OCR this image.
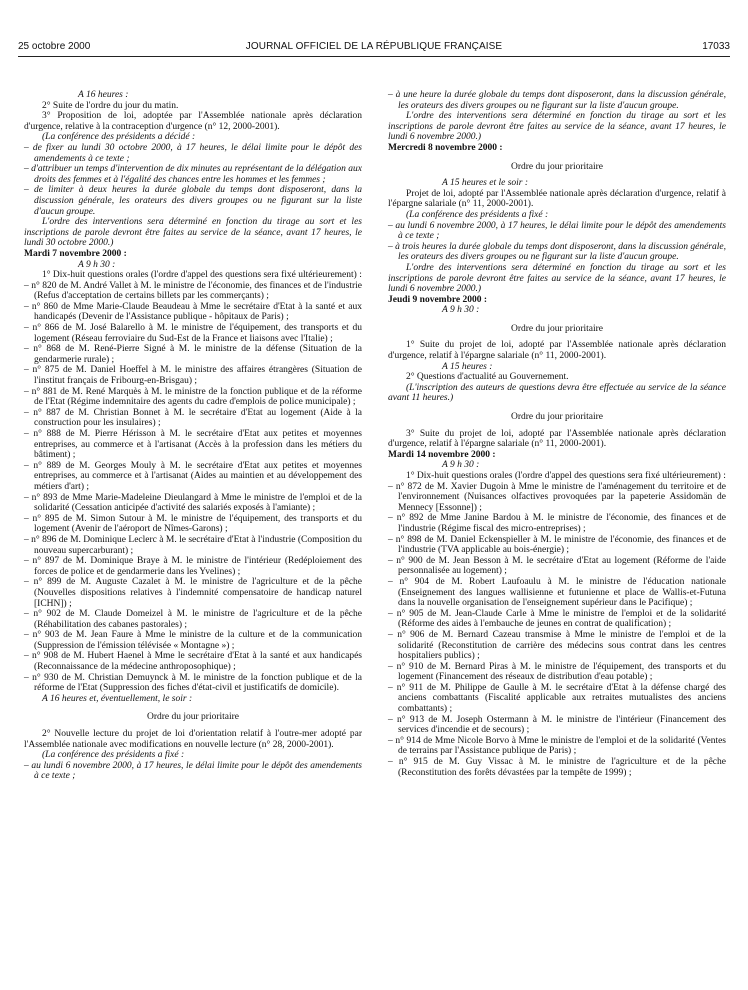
25 octobre 2000	JOURNAL OFFICIEL DE LA RÉPUBLIQUE FRANÇAISE	17033

A 16 heures :

2° Suite de l'ordre du jour du matin.

3° Proposition de loi, adoptée par l'Assemblée nationale après déclaration d'urgence, relative à la contraception d'urgence (n° 12, 2000-2001).

(La conférence des présidents a décidé :

– de fixer au lundi 30 octobre 2000, à 17 heures, le délai limite pour le dépôt des amendements à ce texte ;

– d'attribuer un temps d'intervention de dix minutes au représentant de la délégation aux droits des femmes et à l'égalité des chances entre les hommes et les femmes ;

– de limiter à deux heures la durée globale du temps dont disposeront, dans la discussion générale, les orateurs des divers groupes ou ne figurant sur la liste d'aucun groupe.

L'ordre des interventions sera déterminé en fonction du tirage au sort et les inscriptions de parole devront être faites au service de la séance, avant 17 heures, le lundi 30 octobre 2000.)

Mardi 7 novembre 2000 :

A 9 h 30 :

1° Dix-huit questions orales (l'ordre d'appel des questions sera fixé ultérieurement) :

– n° 820 de M. André Vallet à M. le ministre de l'économie, des finances et de l'industrie (Refus d'acceptation de certains billets par les commerçants) ;

– n° 860 de Mme Marie-Claude Beaudeau à Mme le secrétaire d'Etat à la santé et aux handicapés (Devenir de l'Assistance publique - hôpitaux de Paris) ;

– n° 866 de M. José Balarello à M. le ministre de l'équipement, des transports et du logement (Réseau ferroviaire du Sud-Est de la France et liaisons avec l'Italie) ;

– n° 868 de M. René-Pierre Signé à M. le ministre de la défense (Situation de la gendarmerie rurale) ;

– n° 875 de M. Daniel Hoeffel à M. le ministre des affaires étrangères (Situation de l'institut français de Fribourg-en-Brisgau) ;

– n° 881 de M. René Marquès à M. le ministre de la fonction publique et de la réforme de l'Etat (Régime indemnitaire des agents du cadre d'emplois de police municipale) ;

– n° 887 de M. Christian Bonnet à M. le secrétaire d'Etat au logement (Aide à la construction pour les insulaires) ;

– n° 888 de M. Pierre Hérisson à M. le secrétaire d'Etat aux petites et moyennes entreprises, au commerce et à l'artisanat (Accès à la profession dans les métiers du bâtiment) ;

– n° 889 de M. Georges Mouly à M. le secrétaire d'Etat aux petites et moyennes entreprises, au commerce et à l'artisanat (Aides au maintien et au développement des métiers d'art) ;

– n° 893 de Mme Marie-Madeleine Dieulangard à Mme le ministre de l'emploi et de la solidarité (Cessation anticipée d'activité des salariés exposés à l'amiante) ;

– n° 895 de M. Simon Sutour à M. le ministre de l'équipement, des transports et du logement (Avenir de l'aéroport de Nîmes-Garons) ;

– n° 896 de M. Dominique Leclerc à M. le secrétaire d'Etat à l'industrie (Composition du nouveau supercarburant) ;

– n° 897 de M. Dominique Braye à M. le ministre de l'intérieur (Redéploiement des forces de police et de gendarmerie dans les Yvelines) ;

– n° 899 de M. Auguste Cazalet à M. le ministre de l'agriculture et de la pêche (Nouvelles dispositions relatives à l'indemnité compensatoire de handicap naturel [ICHN]) ;

– n° 902 de M. Claude Domeizel à M. le ministre de l'agriculture et de la pêche (Réhabilitation des cabanes pastorales) ;

– n° 903 de M. Jean Faure à Mme le ministre de la culture et de la communication (Suppression de l'émission télévisée « Montagne ») ;

– n° 908 de M. Hubert Haenel à Mme le secrétaire d'Etat à la santé et aux handicapés (Reconnaissance de la médecine anthroposophique) ;

– n° 930 de M. Christian Demuynck à M. le ministre de la fonction publique et de la réforme de l'Etat (Suppression des fiches d'état-civil et justificatifs de domicile).

A 16 heures et, éventuellement, le soir :

Ordre du jour prioritaire

2° Nouvelle lecture du projet de loi d'orientation relatif à l'outre-mer adopté par l'Assemblée nationale avec modifications en nouvelle lecture (n° 28, 2000-2001).

(La conférence des présidents a fixé :

– au lundi 6 novembre 2000, à 17 heures, le délai limite pour le dépôt des amendements à ce texte ;

– à une heure la durée globale du temps dont disposeront, dans la discussion générale, les orateurs des divers groupes ou ne figurant sur la liste d'aucun groupe.

L'ordre des interventions sera déterminé en fonction du tirage au sort et les inscriptions de parole devront être faites au service de la séance, avant 17 heures, le lundi 6 novembre 2000.)

Mercredi 8 novembre 2000 :

Ordre du jour prioritaire

A 15 heures et le soir :

Projet de loi, adopté par l'Assemblée nationale après déclaration d'urgence, relatif à l'épargne salariale (n° 11, 2000-2001).

(La conférence des présidents a fixé :

– au lundi 6 novembre 2000, à 17 heures, le délai limite pour le dépôt des amendements à ce texte ;

– à trois heures la durée globale du temps dont disposeront, dans la discussion générale, les orateurs des divers groupes ou ne figurant sur la liste d'aucun groupe.

L'ordre des interventions sera déterminé en fonction du tirage au sort et les inscriptions de parole devront être faites au service de la séance, avant 17 heures, le lundi 6 novembre 2000.)

Jeudi 9 novembre 2000 :

A 9 h 30 :

Ordre du jour prioritaire

1° Suite du projet de loi, adopté par l'Assemblée nationale après déclaration d'urgence, relatif à l'épargne salariale (n° 11, 2000-2001).

A 15 heures :

2° Questions d'actualité au Gouvernement.

(L'inscription des auteurs de questions devra être effectuée au service de la séance avant 11 heures.)

Ordre du jour prioritaire

3° Suite du projet de loi, adopté par l'Assemblée nationale après déclaration d'urgence, relatif à l'épargne salariale (n° 11, 2000-2001).

Mardi 14 novembre 2000 :

A 9 h 30 :

1° Dix-huit questions orales (l'ordre d'appel des questions sera fixé ultérieurement) :

– n° 872 de M. Xavier Dugoin à Mme le ministre de l'aménagement du territoire et de l'environnement (Nuisances olfactives provoquées par la papeterie Assidomän de Mennecy [Essonne]) ;

– n° 892 de Mme Janine Bardou à M. le ministre de l'économie, des finances et de l'industrie (Régime fiscal des micro-entreprises) ;

– n° 898 de M. Daniel Eckenspieller à M. le ministre de l'économie, des finances et de l'industrie (TVA applicable au bois-énergie) ;

– n° 900 de M. Jean Besson à M. le secrétaire d'Etat au logement (Réforme de l'aide personnalisée au logement) ;

– n° 904 de M. Robert Laufoaulu à M. le ministre de l'éducation nationale (Enseignement des langues wallisienne et futunienne et place de Wallis-et-Futuna dans la nouvelle organisation de l'enseignement supérieur dans le Pacifique) ;

– n° 905 de M. Jean-Claude Carle à Mme le ministre de l'emploi et de la solidarité (Réforme des aides à l'embauche de jeunes en contrat de qualification) ;

– n° 906 de M. Bernard Cazeau transmise à Mme le ministre de l'emploi et de la solidarité (Reconstitution de carrière des médecins sous contrat dans les centres hospitaliers publics) ;

– n° 910 de M. Bernard Piras à M. le ministre de l'équipement, des transports et du logement (Financement des réseaux de distribution d'eau potable) ;

– n° 911 de M. Philippe de Gaulle à M. le secrétaire d'Etat à la défense chargé des anciens combattants (Fiscalité applicable aux retraites mutualistes des anciens combattants) ;

– n° 913 de M. Joseph Ostermann à M. le ministre de l'intérieur (Financement des services d'incendie et de secours) ;

– n° 914 de Mme Nicole Borvo à Mme le ministre de l'emploi et de la solidarité (Ventes de terrains par l'Assistance publique de Paris) ;

– n° 915 de M. Guy Vissac à M. le ministre de l'agriculture et de la pêche (Reconstitution des forêts dévastées par la tempête de 1999) ;
